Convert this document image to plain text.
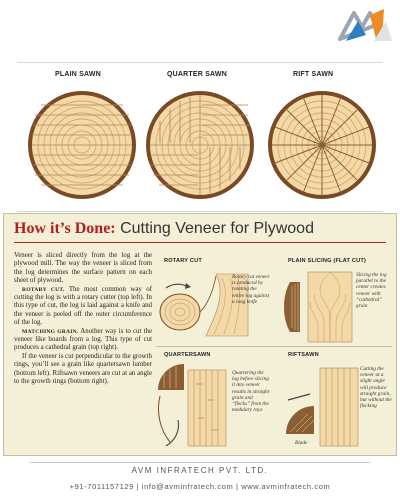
PLAIN SAWN	QUARTER SAWN	RIFT SAWN
How it’s Done: Cutting Veneer for Plywood

Veneer is sliced directly from the log at the plywood mill. The way the veneer is sliced from the log determines the surface pattern on each sheet of plywood.

ROTARY CUT. The most common way of cutting the log is with a rotary cutter (top left). In this type of cut, the log is laid against a knife and the veneer is peeled off the outer circumference of the log.

MATCHING GRAIN. Another way is to cut the veneer like boards from a log. This type of cut produces a cathedral grain (top right).

If the veneer is cut perpendicular to the growth rings, you’ll see a grain like quartersawn lumber (bottom left). Riftsawn veneers are cut at an angle to the growth rings (bottom right).

ROTARY CUT
Rotary cut veneer is produced by rotating the entire log against a long knife
PLAIN SLICING (FLAT CUT)
Slicing the log parallel to the center creates veneer with “cathedral” grain
QUARTERSAWN
Quartering the log before slicing it into veneer results in straight grain and “flecks” from the medulary rays
RIFTSAWN
Blade
Cutting the veneer at a slight angle will produce straight grain, but without the flecking
AVM INFRATECH PVT. LTD.
+91-7011157129 | info@avminfratech.com | www.avminfratech.com
